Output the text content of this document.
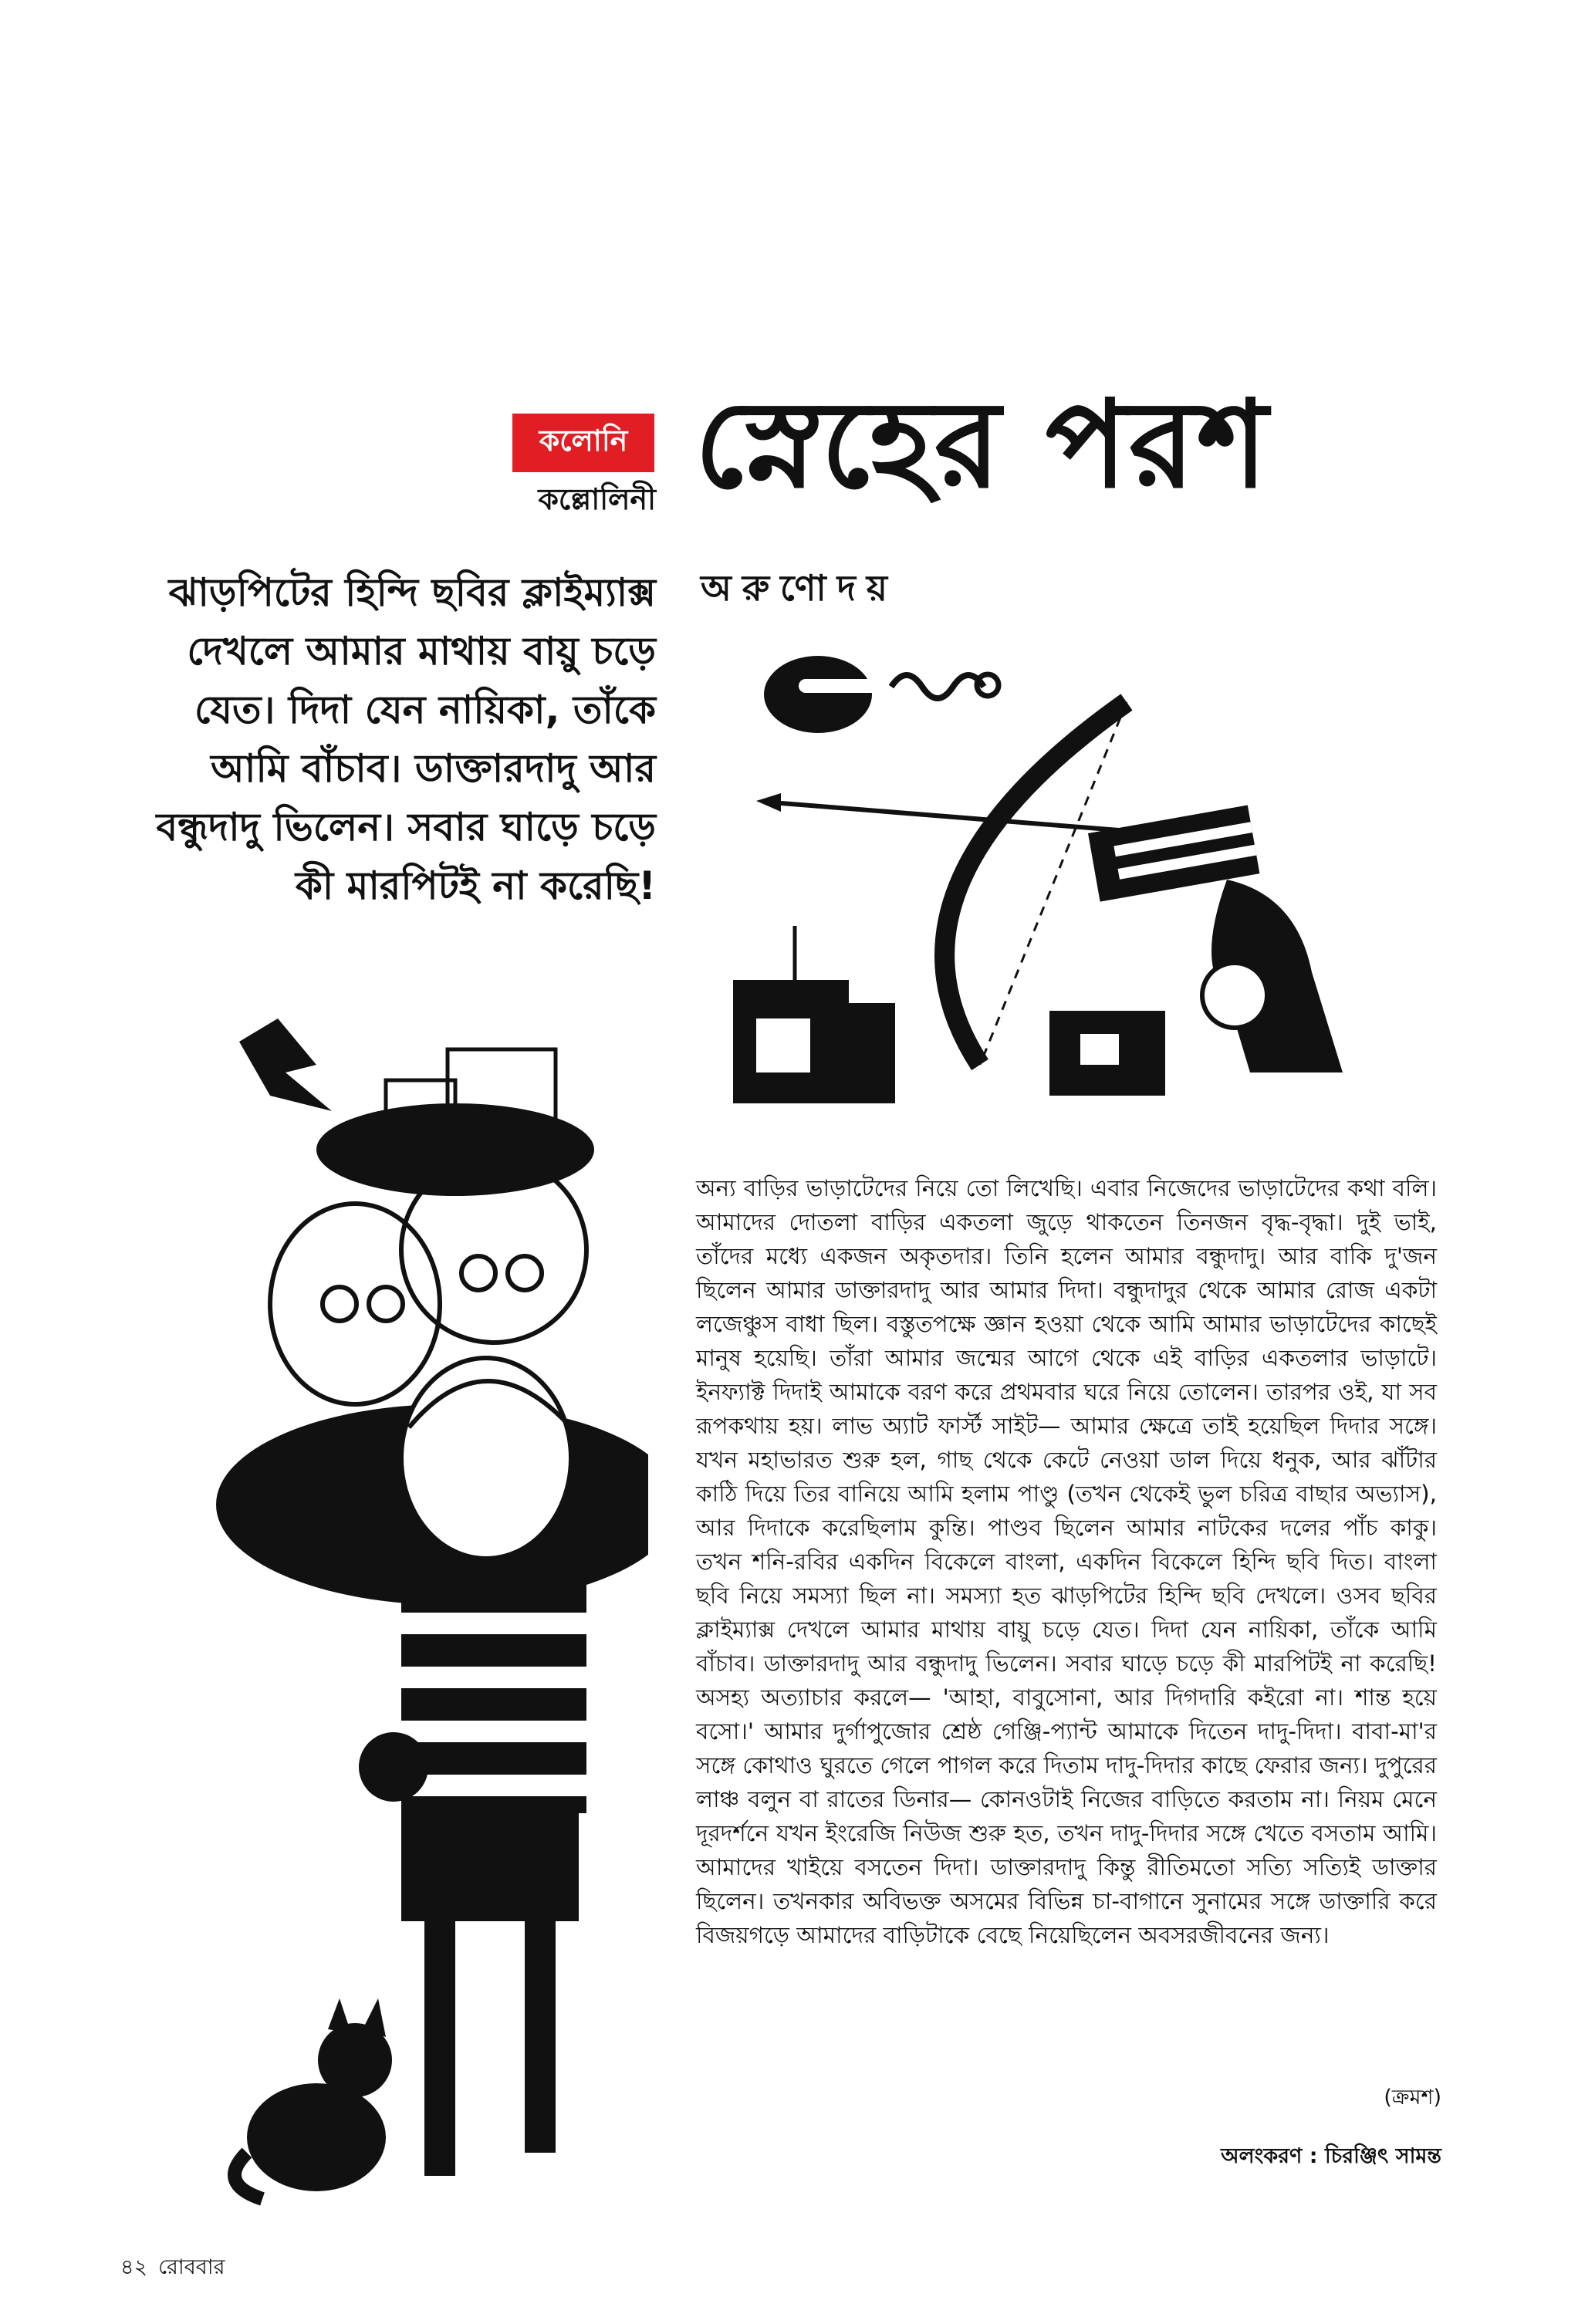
কলোনি
কল্লোলিনী স্নেহের পরশ
অরুণোদয়
ঝাড়পিটের হিন্দি ছবির ক্লাইম্যাক্স দেখলে আমার মাথায় বায়ু চড়ে যেত। দিদা যেন নায়িকা, তাঁকে আমি বাঁচাব। ডাক্তারদাদু আর বন্ধুদাদু ভিলেন। সবার ঘাড়ে চড়ে কী মারপিটই না করেছি!

অন্য বাড়ির ভাড়াটেদের নিয়ে তো লিখেছি। এবার নিজেদের ভাড়াটেদের কথা বলি। আমাদের দোতলা বাড়ির একতলা জুড়ে থাকতেন তিনজন বৃদ্ধ-বৃদ্ধা। দুই ভাই, তাঁদের মধ্যে একজন অকৃতদার। তিনি হলেন আমার বন্ধুদাদু। আর বাকি দু'জন ছিলেন আমার ডাক্তারদাদু আর আমার দিদা। বন্ধুদাদুর থেকে আমার রোজ একটা লজেঞ্চুস বাধা ছিল। বস্তুতপক্ষে জ্ঞান হওয়া থেকে আমি আমার ভাড়াটেদের কাছেই মানুষ হয়েছি। তাঁরা আমার জন্মের আগে থেকে এই বাড়ির একতলার ভাড়াটে। ইনফ্যাক্ট দিদাই আমাকে বরণ করে প্রথমবার ঘরে নিয়ে তোলেন। তারপর ওই, যা সব রূপকথায় হয়। লাভ অ্যাট ফার্স্ট সাইট— আমার ক্ষেত্রে তাই হয়েছিল দিদার সঙ্গে। যখন মহাভারত শুরু হল, গাছ থেকে কেটে নেওয়া ডাল দিয়ে ধনুক, আর ঝাঁটার কাঠি দিয়ে তির বানিয়ে আমি হলাম পাণ্ডু (তখন থেকেই ভুল চরিত্র বাছার অভ্যাস), আর দিদাকে করেছিলাম কুন্তি। পাণ্ডব ছিলেন আমার নাটকের দলের পাঁচ কাকু। তখন শনি-রবির একদিন বিকেলে বাংলা, একদিন বিকেলে হিন্দি ছবি দিত। বাংলা ছবি নিয়ে সমস্যা ছিল না। সমস্যা হত ঝাড়পিটের হিন্দি ছবি দেখলে। ওসব ছবির ক্লাইম্যাক্স দেখলে আমার মাথায় বায়ু চড়ে যেত। দিদা যেন নায়িকা, তাঁকে আমি বাঁচাব। ডাক্তারদাদু আর বন্ধুদাদু ভিলেন। সবার ঘাড়ে চড়ে কী মারপিটই না করেছি! অসহ্য অত্যাচার করলে— 'আহা, বাবুসোনা, আর দিগদারি কইরো না। শান্ত হয়ে বসো।' আমার দুর্গাপুজোর শ্রেষ্ঠ গেঞ্জি-প্যান্ট আমাকে দিতেন দাদু-দিদা। বাবা-মা'র সঙ্গে কোথাও ঘুরতে গেলে পাগল করে দিতাম দাদু-দিদার কাছে ফেরার জন্য। দুপুরের লাঞ্চ বলুন বা রাতের ডিনার— কোনওটাই নিজের বাড়িতে করতাম না। নিয়ম মেনে দূরদর্শনে যখন ইংরেজি নিউজ শুরু হত, তখন দাদু-দিদার সঙ্গে খেতে বসতাম আমি। আমাদের খাইয়ে বসতেন দিদা। ডাক্তারদাদু কিন্তু রীতিমতো সত্যি সত্যিই ডাক্তার ছিলেন। তখনকার অবিভক্ত অসমের বিভিন্ন চা-বাগানে সুনামের সঙ্গে ডাক্তারি করে বিজয়গড়ে আমাদের বাড়িটাকে বেছে নিয়েছিলেন অবসরজীবনের জন্য।

(ক্রমশ)
অলংকরণ : চিরঞ্জিৎ সামন্ত
৪২ রোববার
